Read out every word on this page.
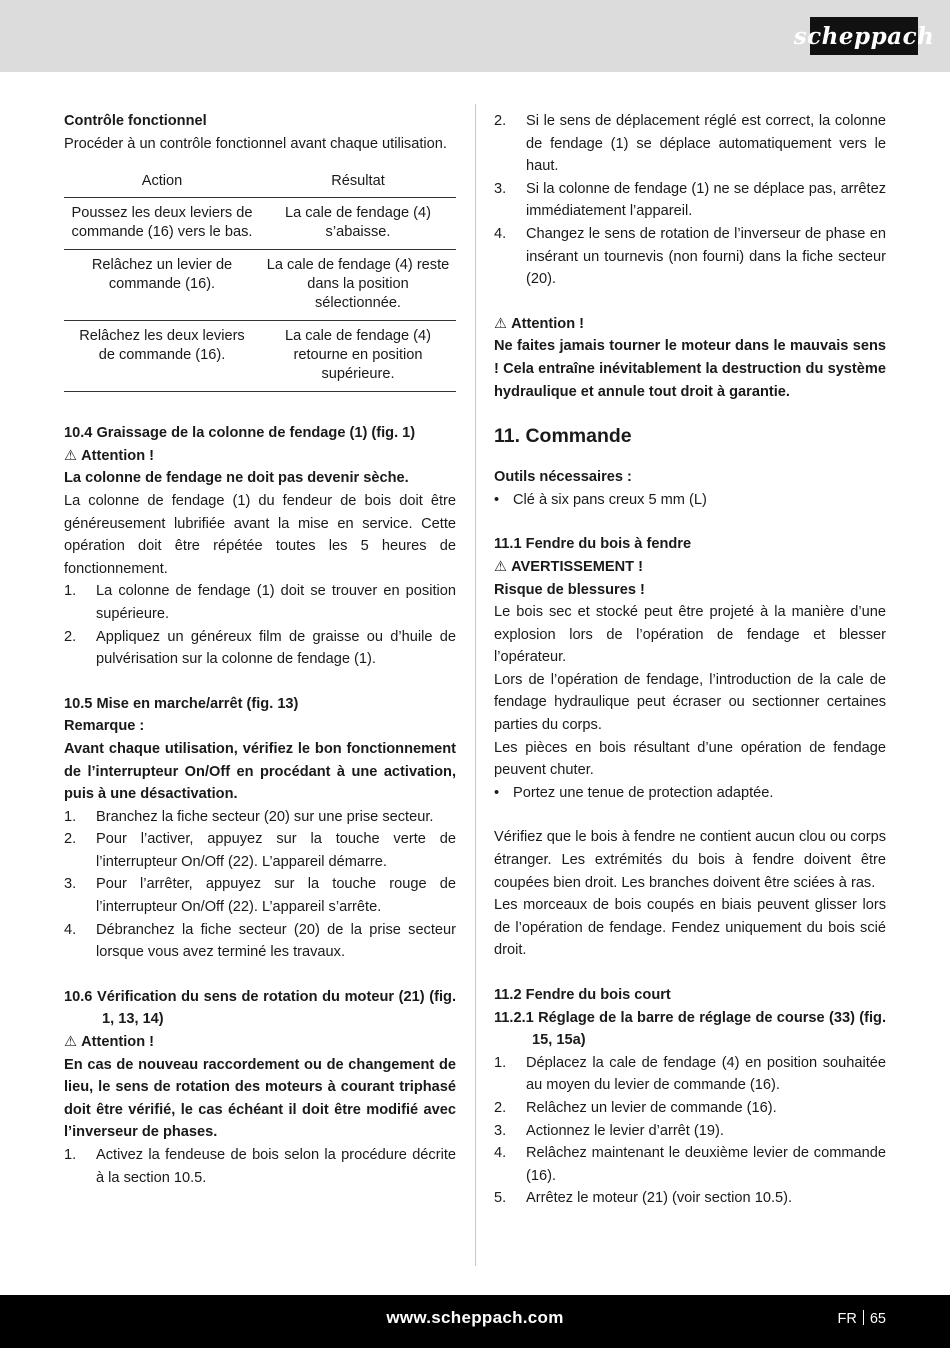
scheppach

Contrôle fonctionnel

Procéder à un contrôle fonctionnel avant chaque utilisation.

Action	Résultat
Poussez les deux leviers de commande (16) vers le bas.	La cale de fendage (4) s’abaisse.
Relâchez un levier de commande (16).	La cale de fendage (4) reste dans la position sélectionnée.
Relâchez les deux leviers de commande (16).	La cale de fendage (4) retourne en position supérieure.

10.4 Graissage de la colonne de fendage (1) (fig. 1)

⚠ Attention !

La colonne de fendage ne doit pas devenir sèche.

La colonne de fendage (1) du fendeur de bois doit être généreusement lubrifiée avant la mise en service. Cette opération doit être répétée toutes les 5 heures de fonctionnement.

1.	La colonne de fendage (1) doit se trouver en position supérieure.
2.	Appliquez un généreux film de graisse ou d’huile de pulvérisation sur la colonne de fendage (1).

10.5 Mise en marche/arrêt (fig. 13)

Remarque :

Avant chaque utilisation, vérifiez le bon fonctionnement de l’interrupteur On/Off en procédant à une activation, puis à une désactivation.

1.	Branchez la fiche secteur (20) sur une prise secteur.
2.	Pour l’activer, appuyez sur la touche verte de l’interrupteur On/Off (22). L’appareil démarre.
3.	Pour l’arrêter, appuyez sur la touche rouge de l’interrupteur On/Off (22). L’appareil s’arrête.
4.	Débranchez la fiche secteur (20) de la prise secteur lorsque vous avez terminé les travaux.

10.6 Vérification du sens de rotation du moteur (21) (fig. 1, 13, 14)

⚠ Attention !

En cas de nouveau raccordement ou de changement de lieu, le sens de rotation des moteurs à courant triphasé doit être vérifié, le cas échéant il doit être modifié avec l’inverseur de phases.

1.	Activez la fendeuse de bois selon la procédure décrite à la section 10.5.
2.	Si le sens de déplacement réglé est correct, la colonne de fendage (1) se déplace automatiquement vers le haut.
3.	Si la colonne de fendage (1) ne se déplace pas, arrêtez immédiatement l’appareil.
4.	Changez le sens de rotation de l’inverseur de phase en insérant un tournevis (non fourni) dans la fiche secteur (20).

⚠ Attention !

Ne faites jamais tourner le moteur dans le mauvais sens ! Cela entraîne inévitablement la destruction du système hydraulique et annule tout droit à garantie.

11. Commande

Outils nécessaires :

• Clé à six pans creux 5 mm (L)

11.1 Fendre du bois à fendre

⚠ AVERTISSEMENT !

Risque de blessures !

Le bois sec et stocké peut être projeté à la manière d’une explosion lors de l’opération de fendage et blesser l’opérateur.

Lors de l’opération de fendage, l’introduction de la cale de fendage hydraulique peut écraser ou sectionner certaines parties du corps.

Les pièces en bois résultant d’une opération de fendage peuvent chuter.

• Portez une tenue de protection adaptée.

Vérifiez que le bois à fendre ne contient aucun clou ou corps étranger. Les extrémités du bois à fendre doivent être coupées bien droit. Les branches doivent être sciées à ras.

Les morceaux de bois coupés en biais peuvent glisser lors de l’opération de fendage. Fendez uniquement du bois scié droit.

11.2 Fendre du bois court

11.2.1 Réglage de la barre de réglage de course (33) (fig. 15, 15a)

1.	Déplacez la cale de fendage (4) en position souhaitée au moyen du levier de commande (16).
2.	Relâchez un levier de commande (16).
3.	Actionnez le levier d’arrêt (19).
4.	Relâchez maintenant le deuxième levier de commande (16).
5.	Arrêtez le moteur (21) (voir section 10.5).
www.scheppach.com	FR 65
